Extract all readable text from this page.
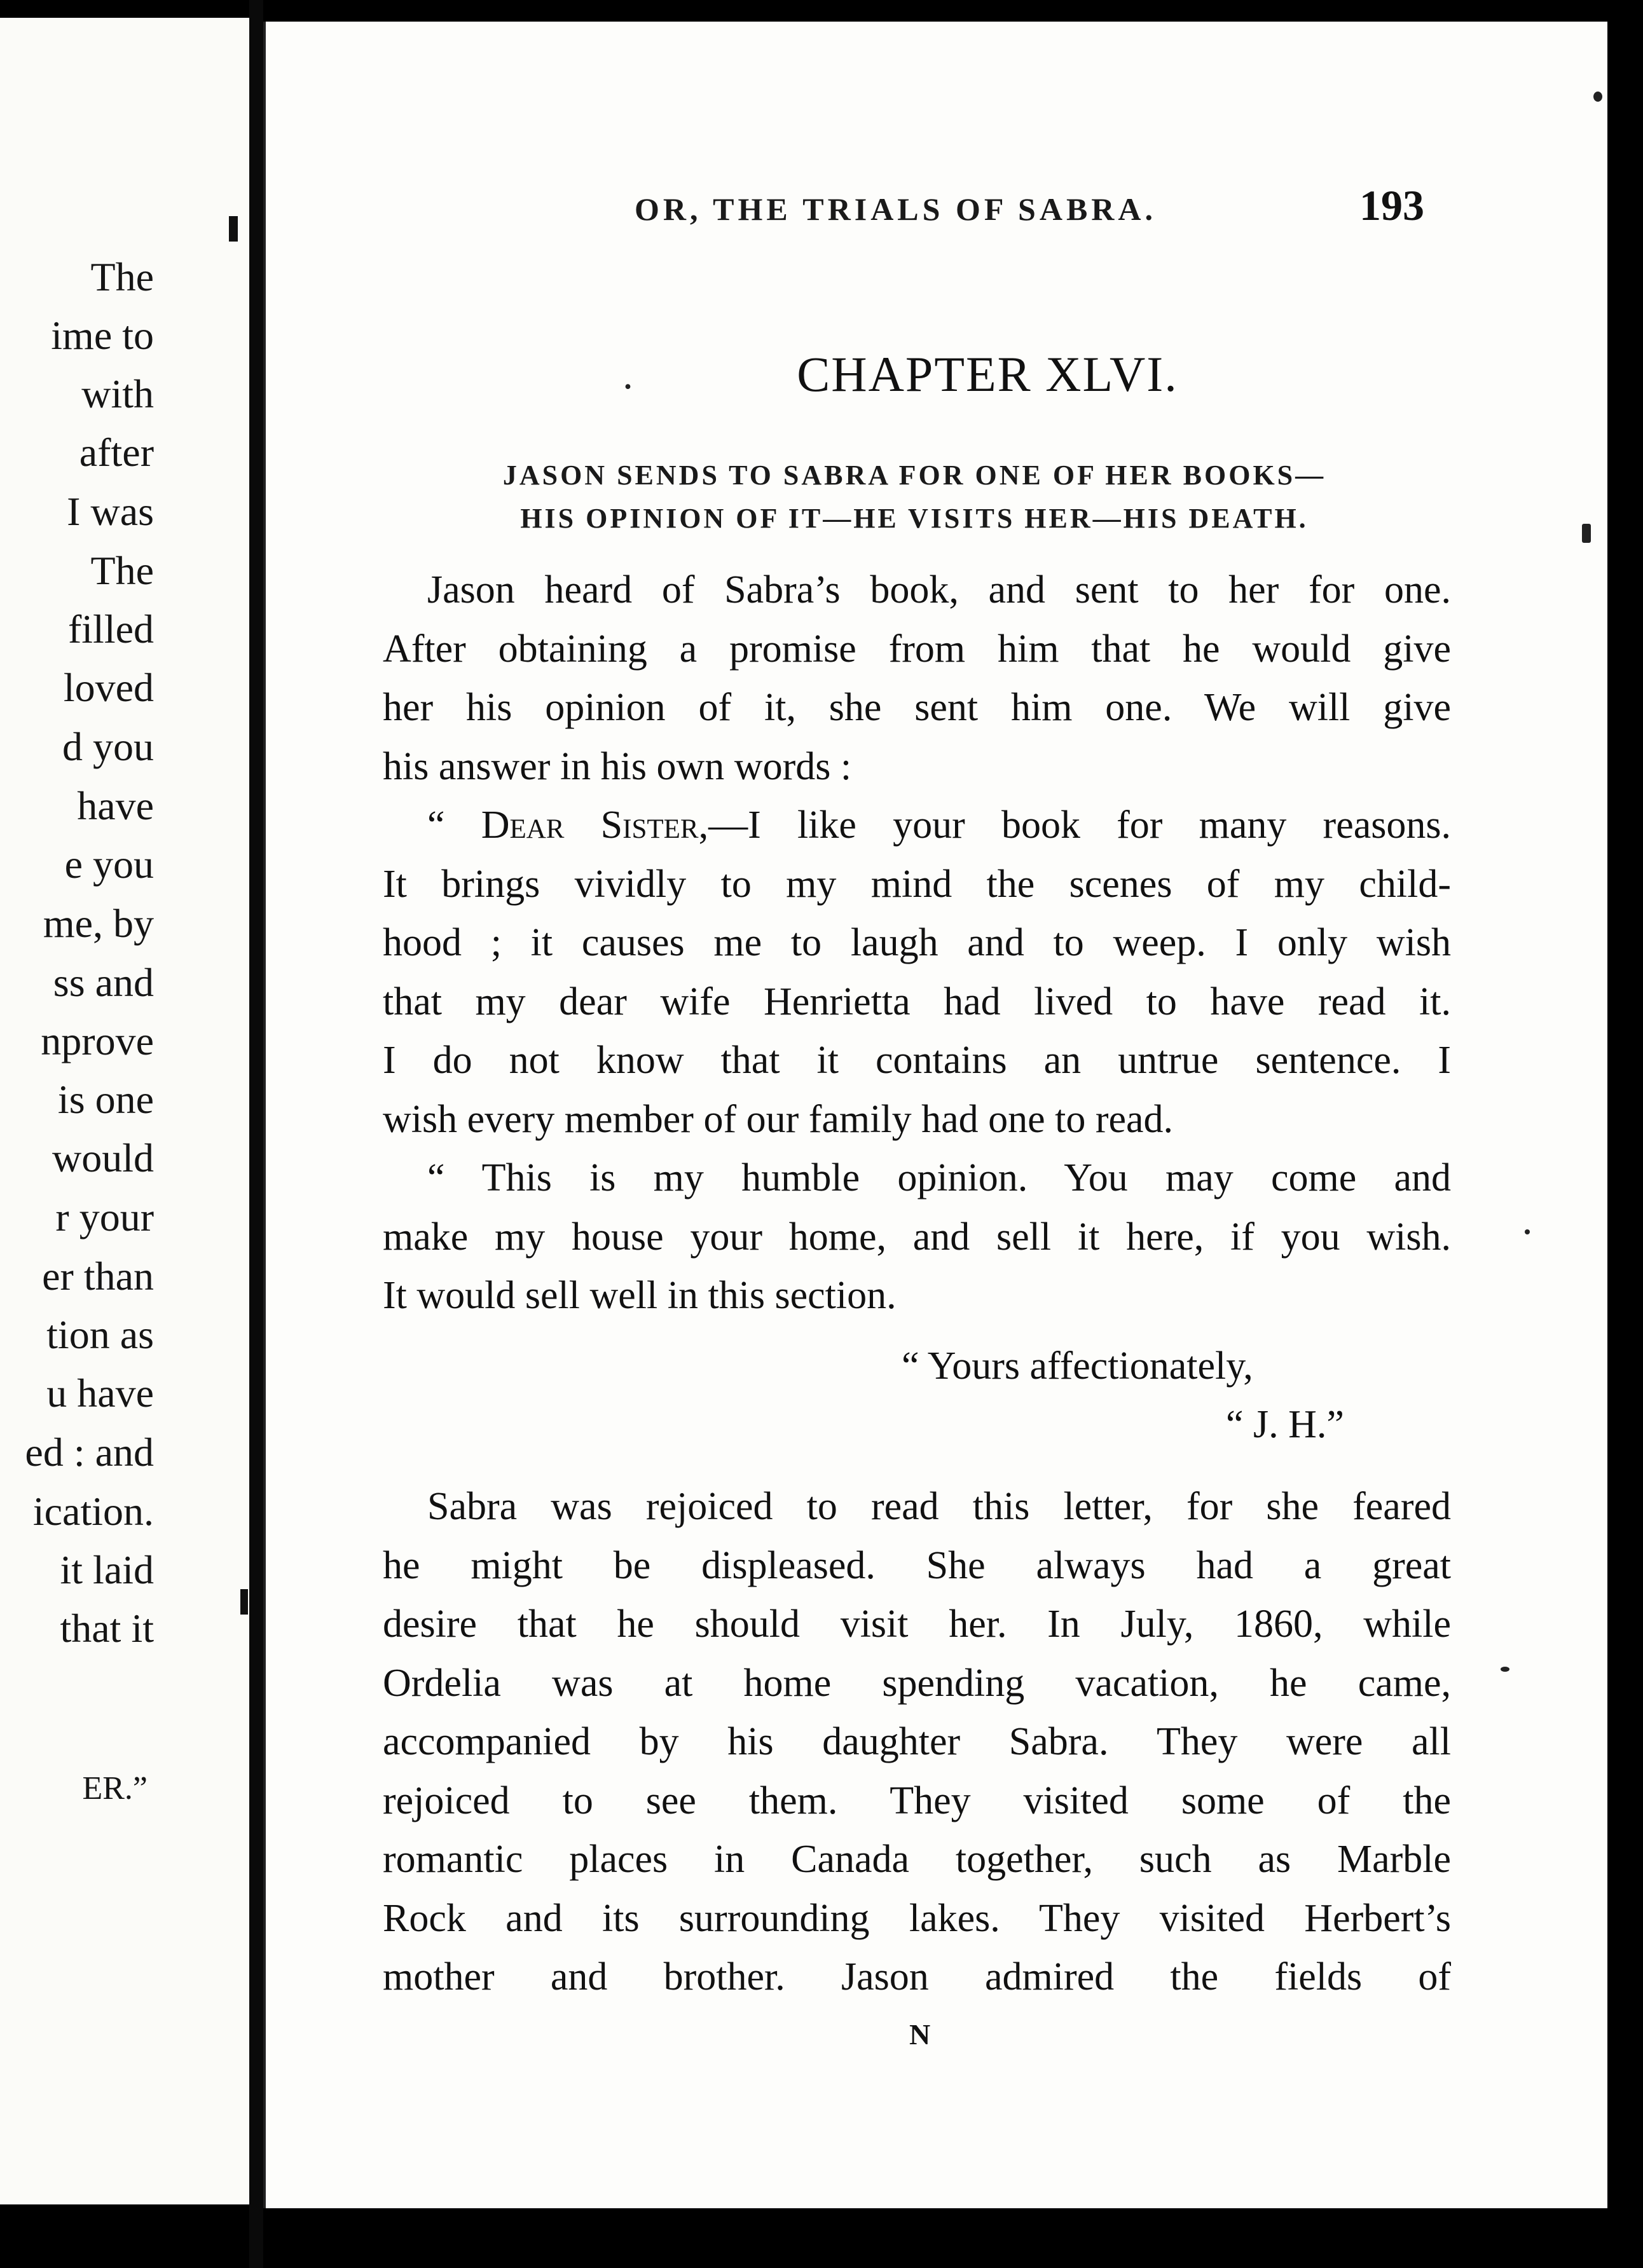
The
ime to
with
after
I was
The
filled
loved
d you
have
e you
me, by
ss and
nprove
is one
would
r your
er than
tion as
u have
ed : and
ication.
it laid
that it
ER.”
OR, THE TRIALS OF SABRA.	193
·	CHAPTER XLVI.
JASON SENDS TO SABRA FOR ONE OF HER BOOKS—
HIS OPINION OF IT—HE VISITS HER—HIS DEATH.
Jason heard of Sabra’s book, and sent to her for one.
After obtaining a promise from him that he would give
her his opinion of it, she sent him one. We will give
his answer in his own words :
“ Dear Sister,—I like your book for many reasons.
It brings vividly to my mind the scenes of my child-
hood ; it causes me to laugh and to weep. I only wish
that my dear wife Henrietta had lived to have read it.
I do not know that it contains an untrue sentence. I
wish every member of our family had one to read.
“ This is my humble opinion. You may come and
make my house your home, and sell it here, if you wish.
It would sell well in this section.
“ Yours affectionately,
“ J. H.”
Sabra was rejoiced to read this letter, for she feared
he might be displeased. She always had a great
desire that he should visit her. In July, 1860, while
Ordelia was at home spending vacation, he came,
accompanied by his daughter Sabra. They were all
rejoiced to see them. They visited some of the
romantic places in Canada together, such as Marble
Rock and its surrounding lakes. They visited Herbert’s
mother and brother. Jason admired the fields of
N
